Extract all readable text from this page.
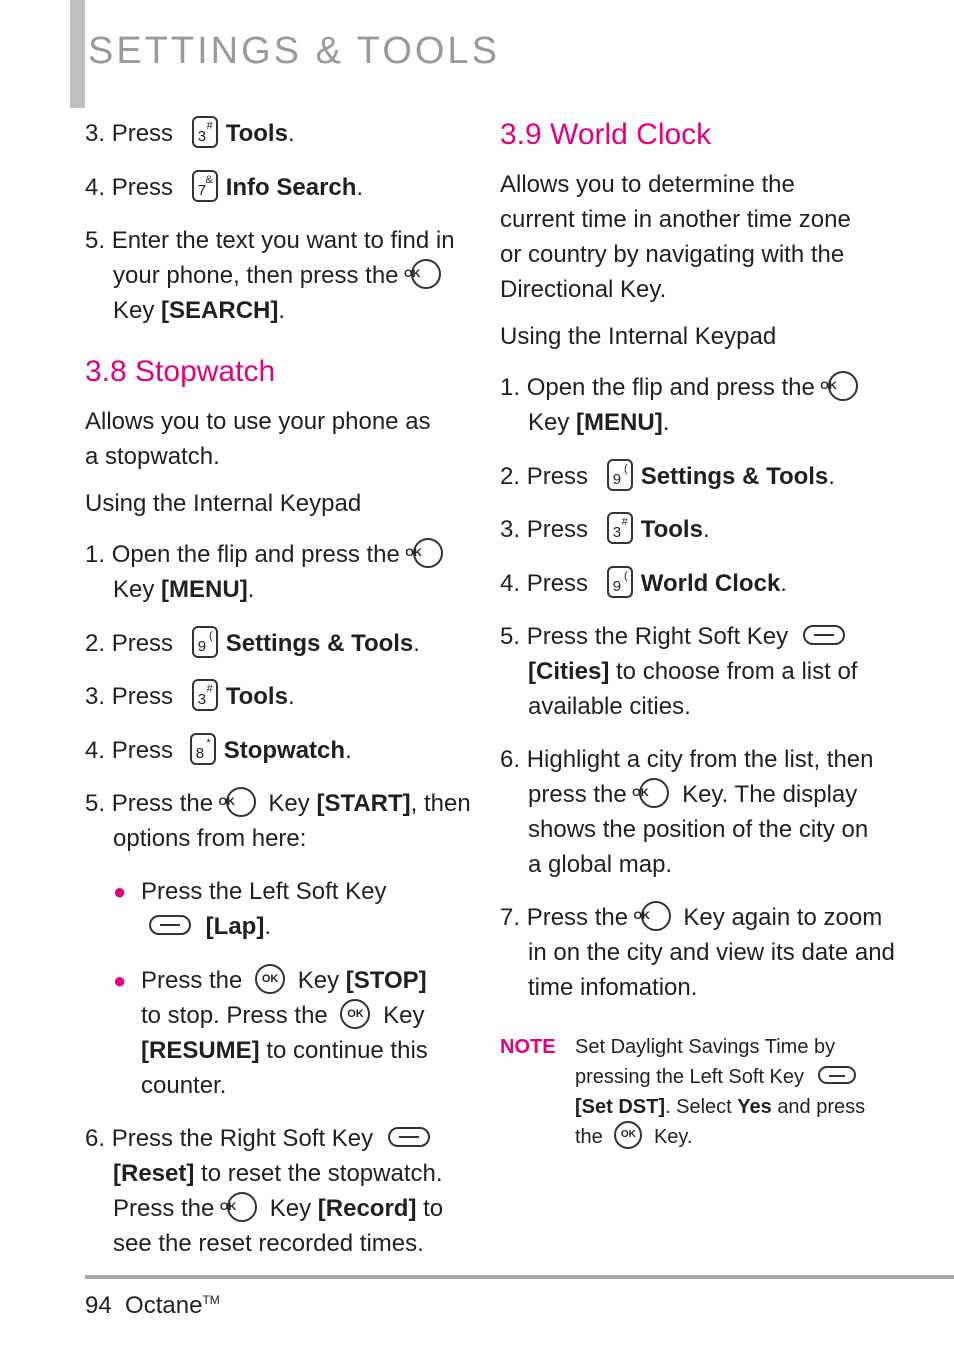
SETTINGS & TOOLS
3. Press	#
3 Tools.
4. Press	&
7 Info Search.
5. Enter the text you want to find in your phone, then press the OK Key [SEARCH].
3.8 Stopwatch
Allows you to use your phone as a stopwatch.
Using the Internal Keypad
1. Open the flip and press the OK Key [MENU].
2. Press	(
9 Settings & Tools.
3. Press	#
3 Tools.
4. Press	*
8 Stopwatch.
5. Press the OK Key [START], then options from here:
● Press the Left Soft Key  [Lap].
● Press the OK Key [STOP] to stop. Press the OK Key [RESUME] to continue this counter.
6. Press the Right Soft Key  [Reset] to reset the stopwatch. Press the OK Key [Record] to see the reset recorded times.
3.9 World Clock
Allows you to determine the current time in another time zone or country by navigating with the Directional Key.
Using the Internal Keypad
1. Open the flip and press the OK Key [MENU].
2. Press	(
9 Settings & Tools.
3. Press	#
3 Tools.
4. Press	(
9 World Clock.
5. Press the Right Soft Key  [Cities] to choose from a list of available cities.
6. Highlight a city from the list, then press the OK Key. The display shows the position of the city on a global map.
7. Press the OK Key again to zoom in on the city and view its date and time infomation.
NOTE Set Daylight Savings Time by pressing the Left Soft Key  [Set DST]. Select Yes and press the OK Key.
94 Octane™
